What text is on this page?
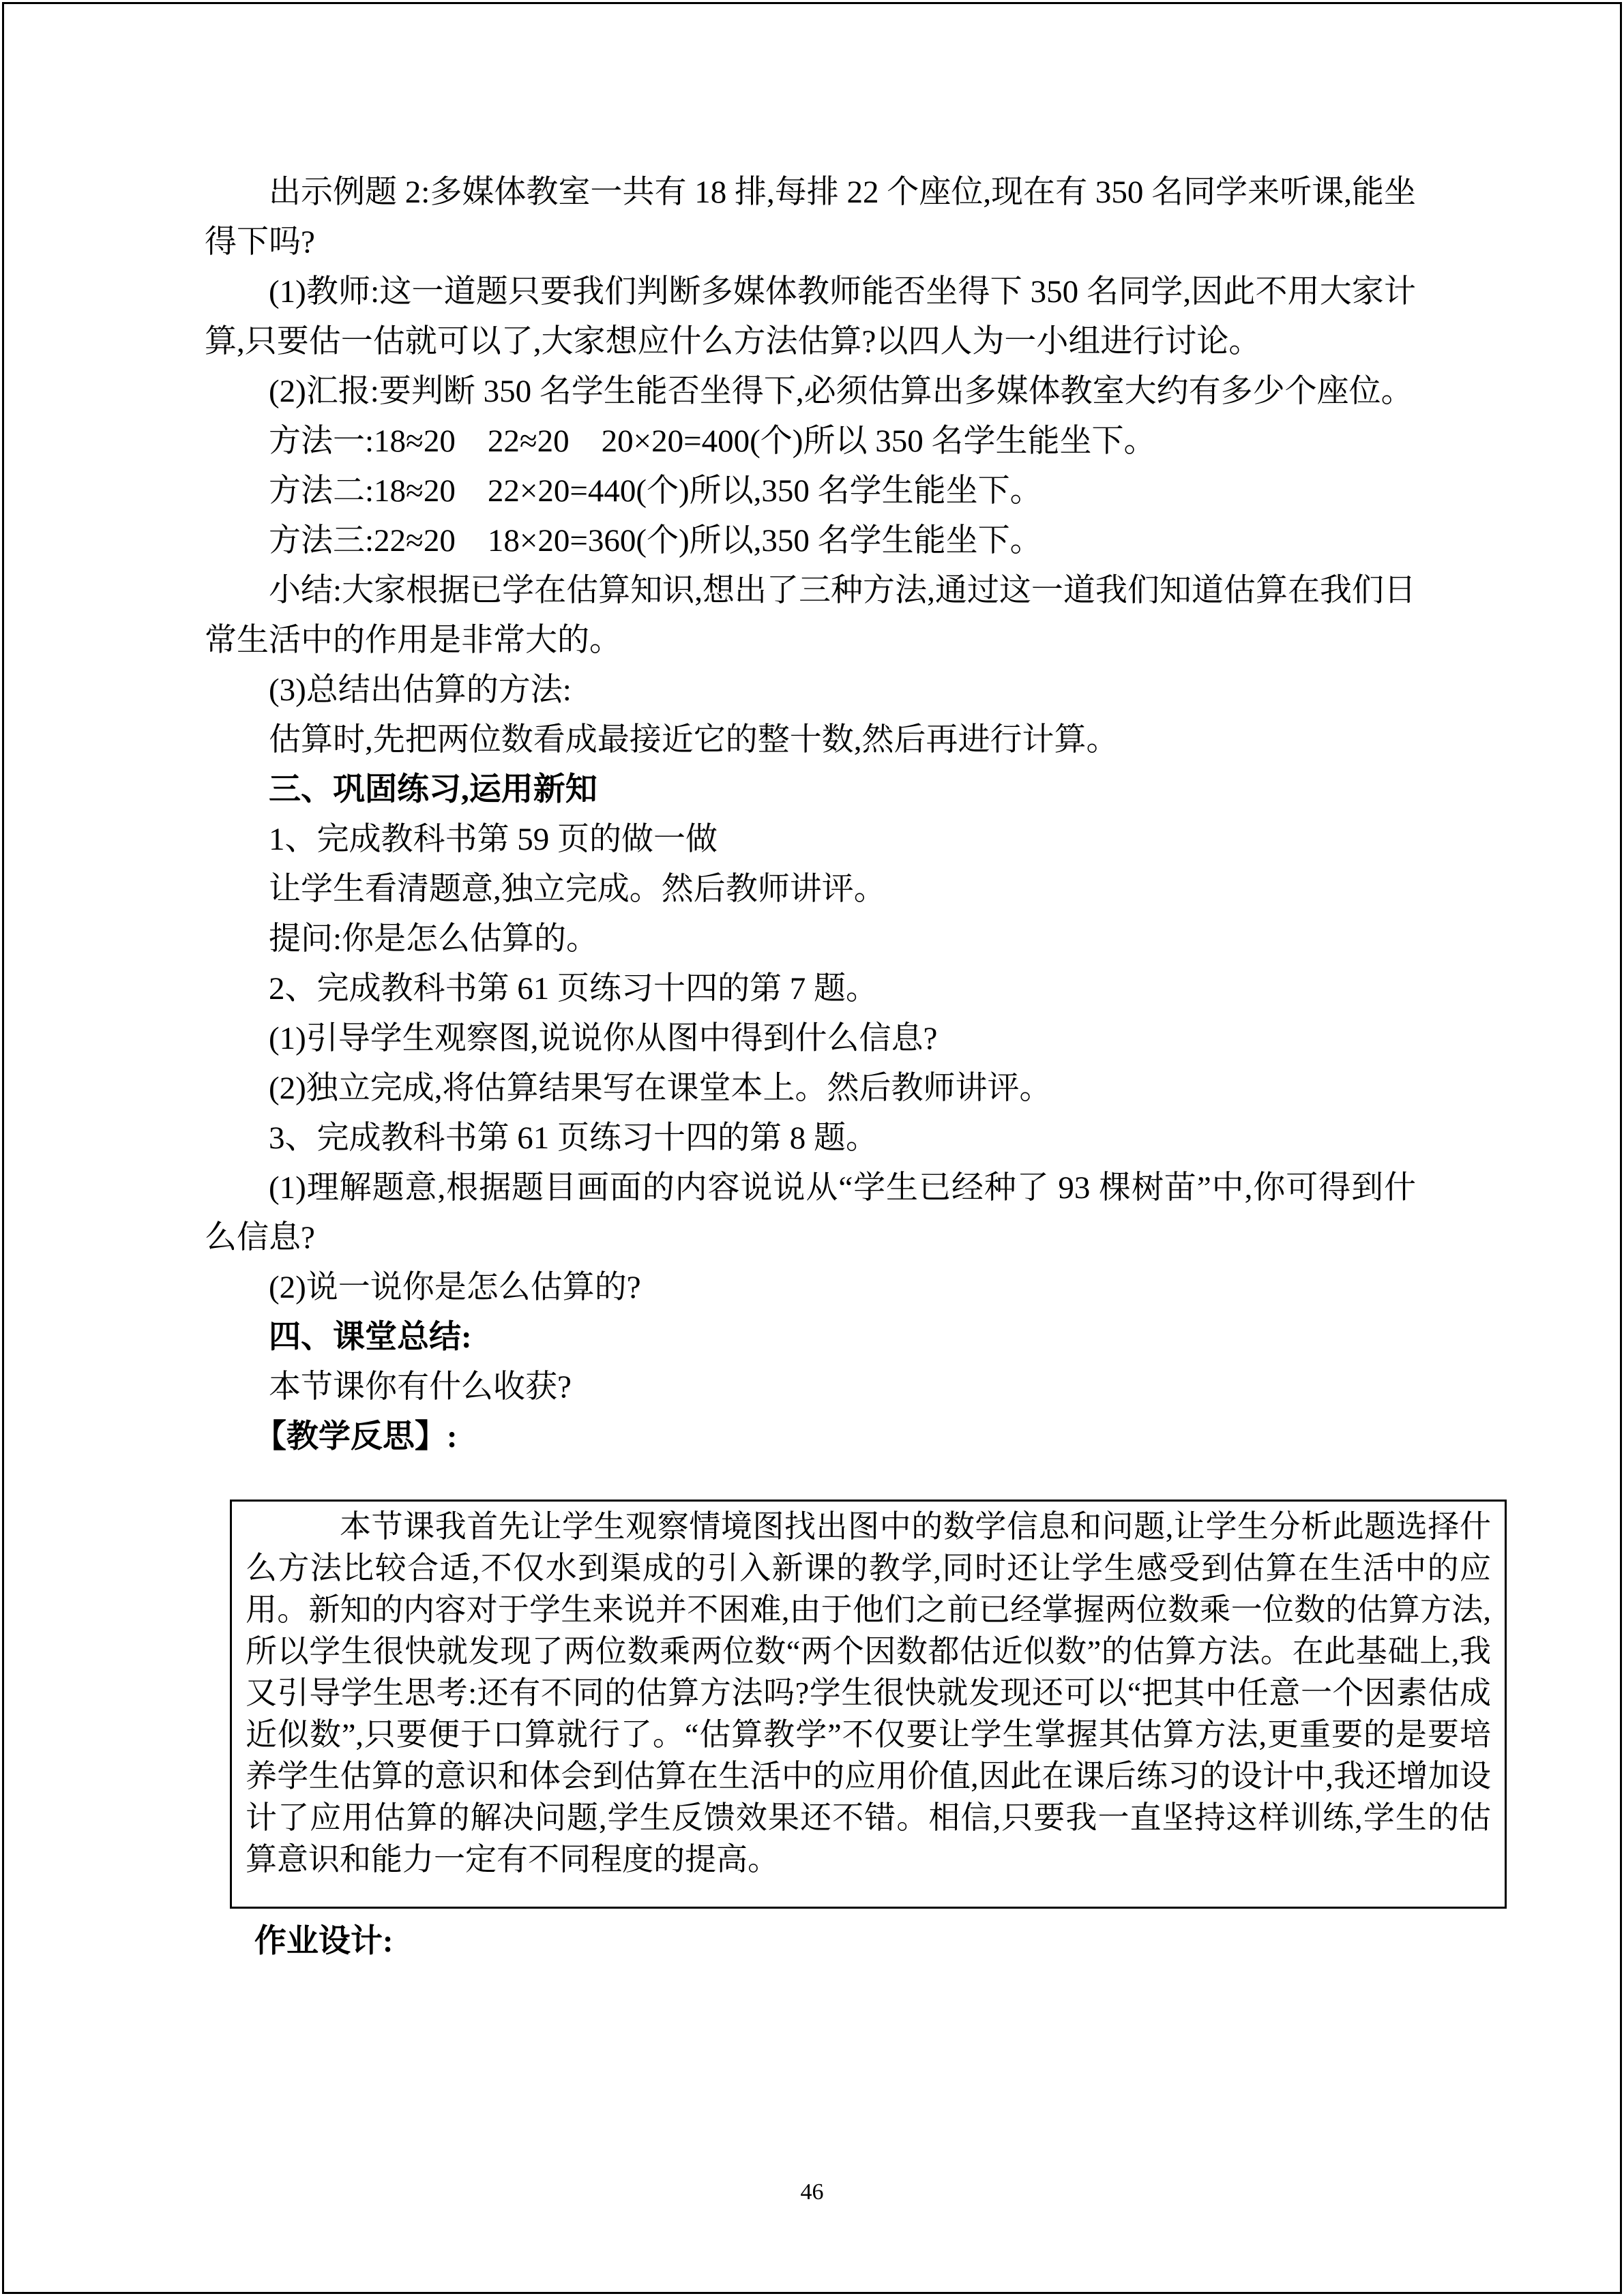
出示例题 2:多媒体教室一共有 18 排,每排 22 个座位,现在有 350 名同学来听课,能坐得下吗?

(1)教师:这一道题只要我们判断多媒体教师能否坐得下 350 名同学,因此不用大家计算,只要估一估就可以了,大家想应什么方法估算?以四人为一小组进行讨论。

(2)汇报:要判断 350 名学生能否坐得下,必须估算出多媒体教室大约有多少个座位。

方法一:18≈20　22≈20　20×20=400(个)所以 350 名学生能坐下。

方法二:18≈20　22×20=440(个)所以,350 名学生能坐下。

方法三:22≈20　18×20=360(个)所以,350 名学生能坐下。

小结:大家根据已学在估算知识,想出了三种方法,通过这一道我们知道估算在我们日常生活中的作用是非常大的。

(3)总结出估算的方法:

估算时,先把两位数看成最接近它的整十数,然后再进行计算。

三、巩固练习,运用新知

1、完成教科书第 59 页的做一做

让学生看清题意,独立完成。然后教师讲评。

提问:你是怎么估算的。

2、完成教科书第 61 页练习十四的第 7 题。

(1)引导学生观察图,说说你从图中得到什么信息?

(2)独立完成,将估算结果写在课堂本上。然后教师讲评。

3、完成教科书第 61 页练习十四的第 8 题。

(1)理解题意,根据题目画面的内容说说从“学生已经种了 93 棵树苗”中,你可得到什么信息?

(2)说一说你是怎么估算的?

四、课堂总结:

本节课你有什么收获?

【教学反思】:

本节课我首先让学生观察情境图找出图中的数学信息和问题,让学生分析此题选择什么方法比较合适,不仅水到渠成的引入新课的教学,同时还让学生感受到估算在生活中的应用。新知的内容对于学生来说并不困难,由于他们之前已经掌握两位数乘一位数的估算方法,所以学生很快就发现了两位数乘两位数“两个因数都估近似数”的估算方法。在此基础上,我又引导学生思考:还有不同的估算方法吗?学生很快就发现还可以“把其中任意一个因素估成近似数”,只要便于口算就行了。“估算教学”不仅要让学生掌握其估算方法,更重要的是要培养学生估算的意识和体会到估算在生活中的应用价值,因此在课后练习的设计中,我还增加设计了应用估算的解决问题,学生反馈效果还不错。相信,只要我一直坚持这样训练,学生的估算意识和能力一定有不同程度的提高。

作业设计:

46
